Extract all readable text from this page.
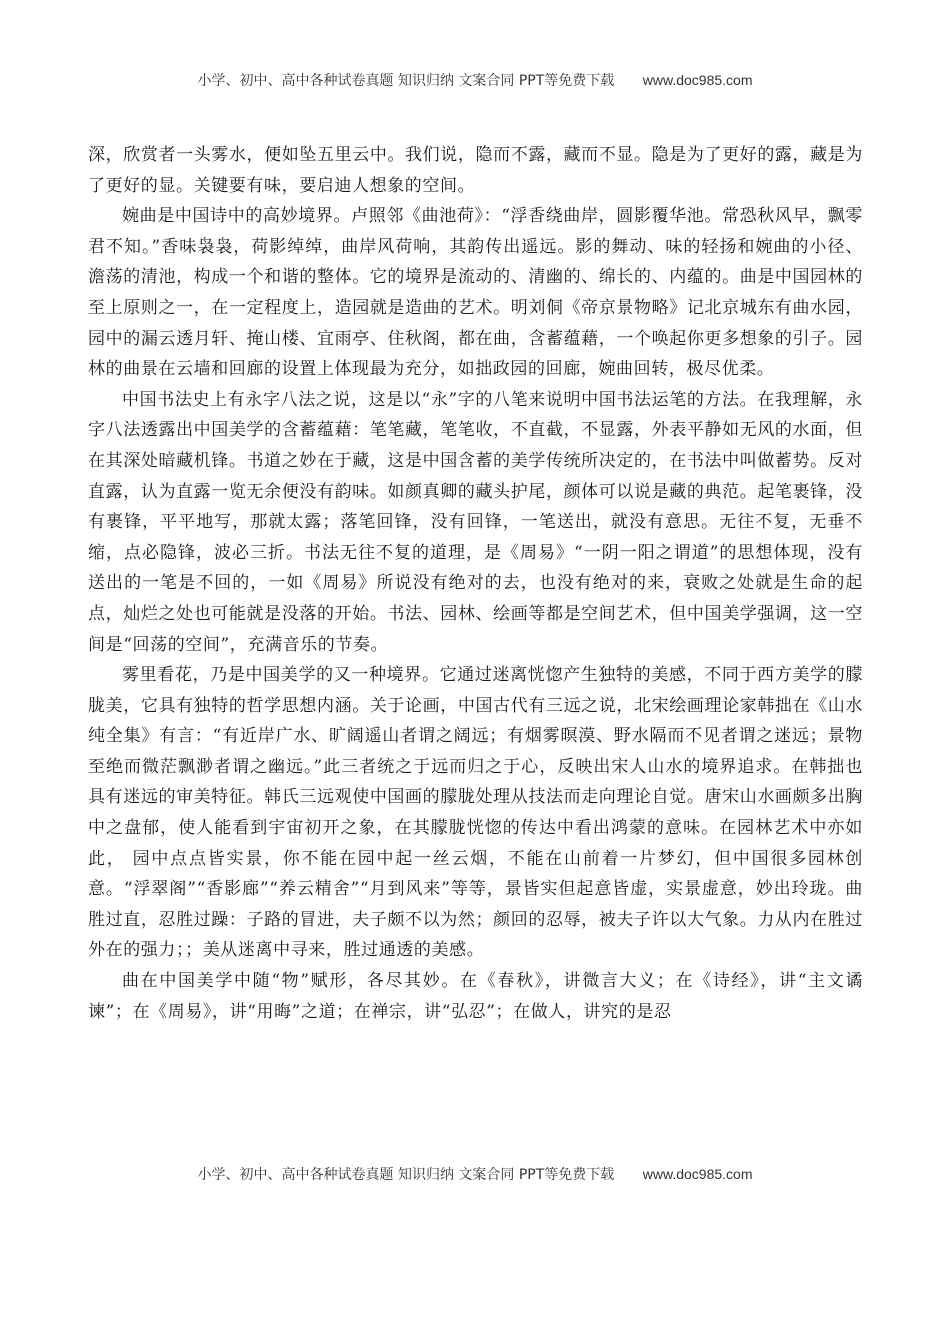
小学、初中、高中各种试卷真题 知识归纳 文案合同 PPT等免费下载 www.doc985.com

深，欣赏者一头雾水，便如坠五里云中。我们说，隐而不露，藏而不显。隐是为了更好的露，藏是为了更好的显。关键要有味，要启迪人想象的空间。

婉曲是中国诗中的高妙境界。卢照邻《曲池荷》：“浮香绕曲岸，圆影覆华池。常恐秋风早，飘零君不知。”香味袅袅，荷影绰绰，曲岸风荷响，其韵传出遥远。影的舞动、味的轻扬和婉曲的小径、澹荡的清池，构成一个和谐的整体。它的境界是流动的、清幽的、绵长的、内蕴的。曲是中国园林的至上原则之一，在一定程度上，造园就是造曲的艺术。明刘侗《帝京景物略》记北京城东有曲水园，园中的漏云透月轩、掩山楼、宜雨亭、住秋阁，都在曲，含蓄蕴藉，一个唤起你更多想象的引子。园林的曲景在云墙和回廊的设置上体现最为充分，如拙政园的回廊，婉曲回转，极尽优柔。

中国书法史上有永字八法之说，这是以“永”字的八笔来说明中国书法运笔的方法。在我理解，永字八法透露出中国美学的含蓄蕴藉：笔笔藏，笔笔收，不直截，不显露，外表平静如无风的水面，但在其深处暗藏机锋。书道之妙在于藏，这是中国含蓄的美学传统所决定的，在书法中叫做蓄势。反对直露，认为直露一览无余便没有韵味。如颜真卿的藏头护尾，颜体可以说是藏的典范。起笔裹锋，没有裹锋，平平地写，那就太露；落笔回锋，没有回锋，一笔送出，就没有意思。无往不复，无垂不缩，点必隐锋，波必三折。书法无往不复的道理，是《周易》“一阴一阳之谓道”的思想体现，没有送出的一笔是不回的，一如《周易》所说没有绝对的去，也没有绝对的来，衰败之处就是生命的起点，灿烂之处也可能就是没落的开始。书法、园林、绘画等都是空间艺术，但中国美学强调，这一空间是“回荡的空间”，充满音乐的节奏。

雾里看花，乃是中国美学的又一种境界。它通过迷离恍惚产生独特的美感，不同于西方美学的朦胧美，它具有独特的哲学思想内涵。关于论画，中国古代有三远之说，北宋绘画理论家韩拙在《山水纯全集》有言：“有近岸广水、旷阔遥山者谓之阔远；有烟雾暝漠、野水隔而不见者谓之迷远；景物至绝而微茫飘渺者谓之幽远。”此三者统之于远而归之于心，反映出宋人山水的境界追求。在韩拙也具有迷远的审美特征。韩氏三远观使中国画的朦胧处理从技法而走向理论自觉。唐宋山水画颇多出胸中之盘郁，使人能看到宇宙初开之象，在其朦胧恍惚的传达中看出鸿蒙的意味。在园林艺术中亦如此， 园中点点皆实景，你不能在园中起一丝云烟，不能在山前着一片梦幻，但中国很多园林创意。“浮翠阁”“香影廊”“养云精舍”“月到风来”等等，景皆实但起意皆虚，实景虚意，妙出玲珑。曲胜过直，忍胜过躁：子路的冒进，夫子颇不以为然；颜回的忍辱，被夫子许以大气象。力从内在胜过外在的强力；；美从迷离中寻来，胜过通透的美感。

曲在中国美学中随“物”赋形，各尽其妙。在《春秋》，讲微言大义；在《诗经》，讲“主文谲谏”；在《周易》，讲“用晦”之道；在禅宗，讲“弘忍”；在做人，讲究的是忍

小学、初中、高中各种试卷真题 知识归纳 文案合同 PPT等免费下载 www.doc985.com
